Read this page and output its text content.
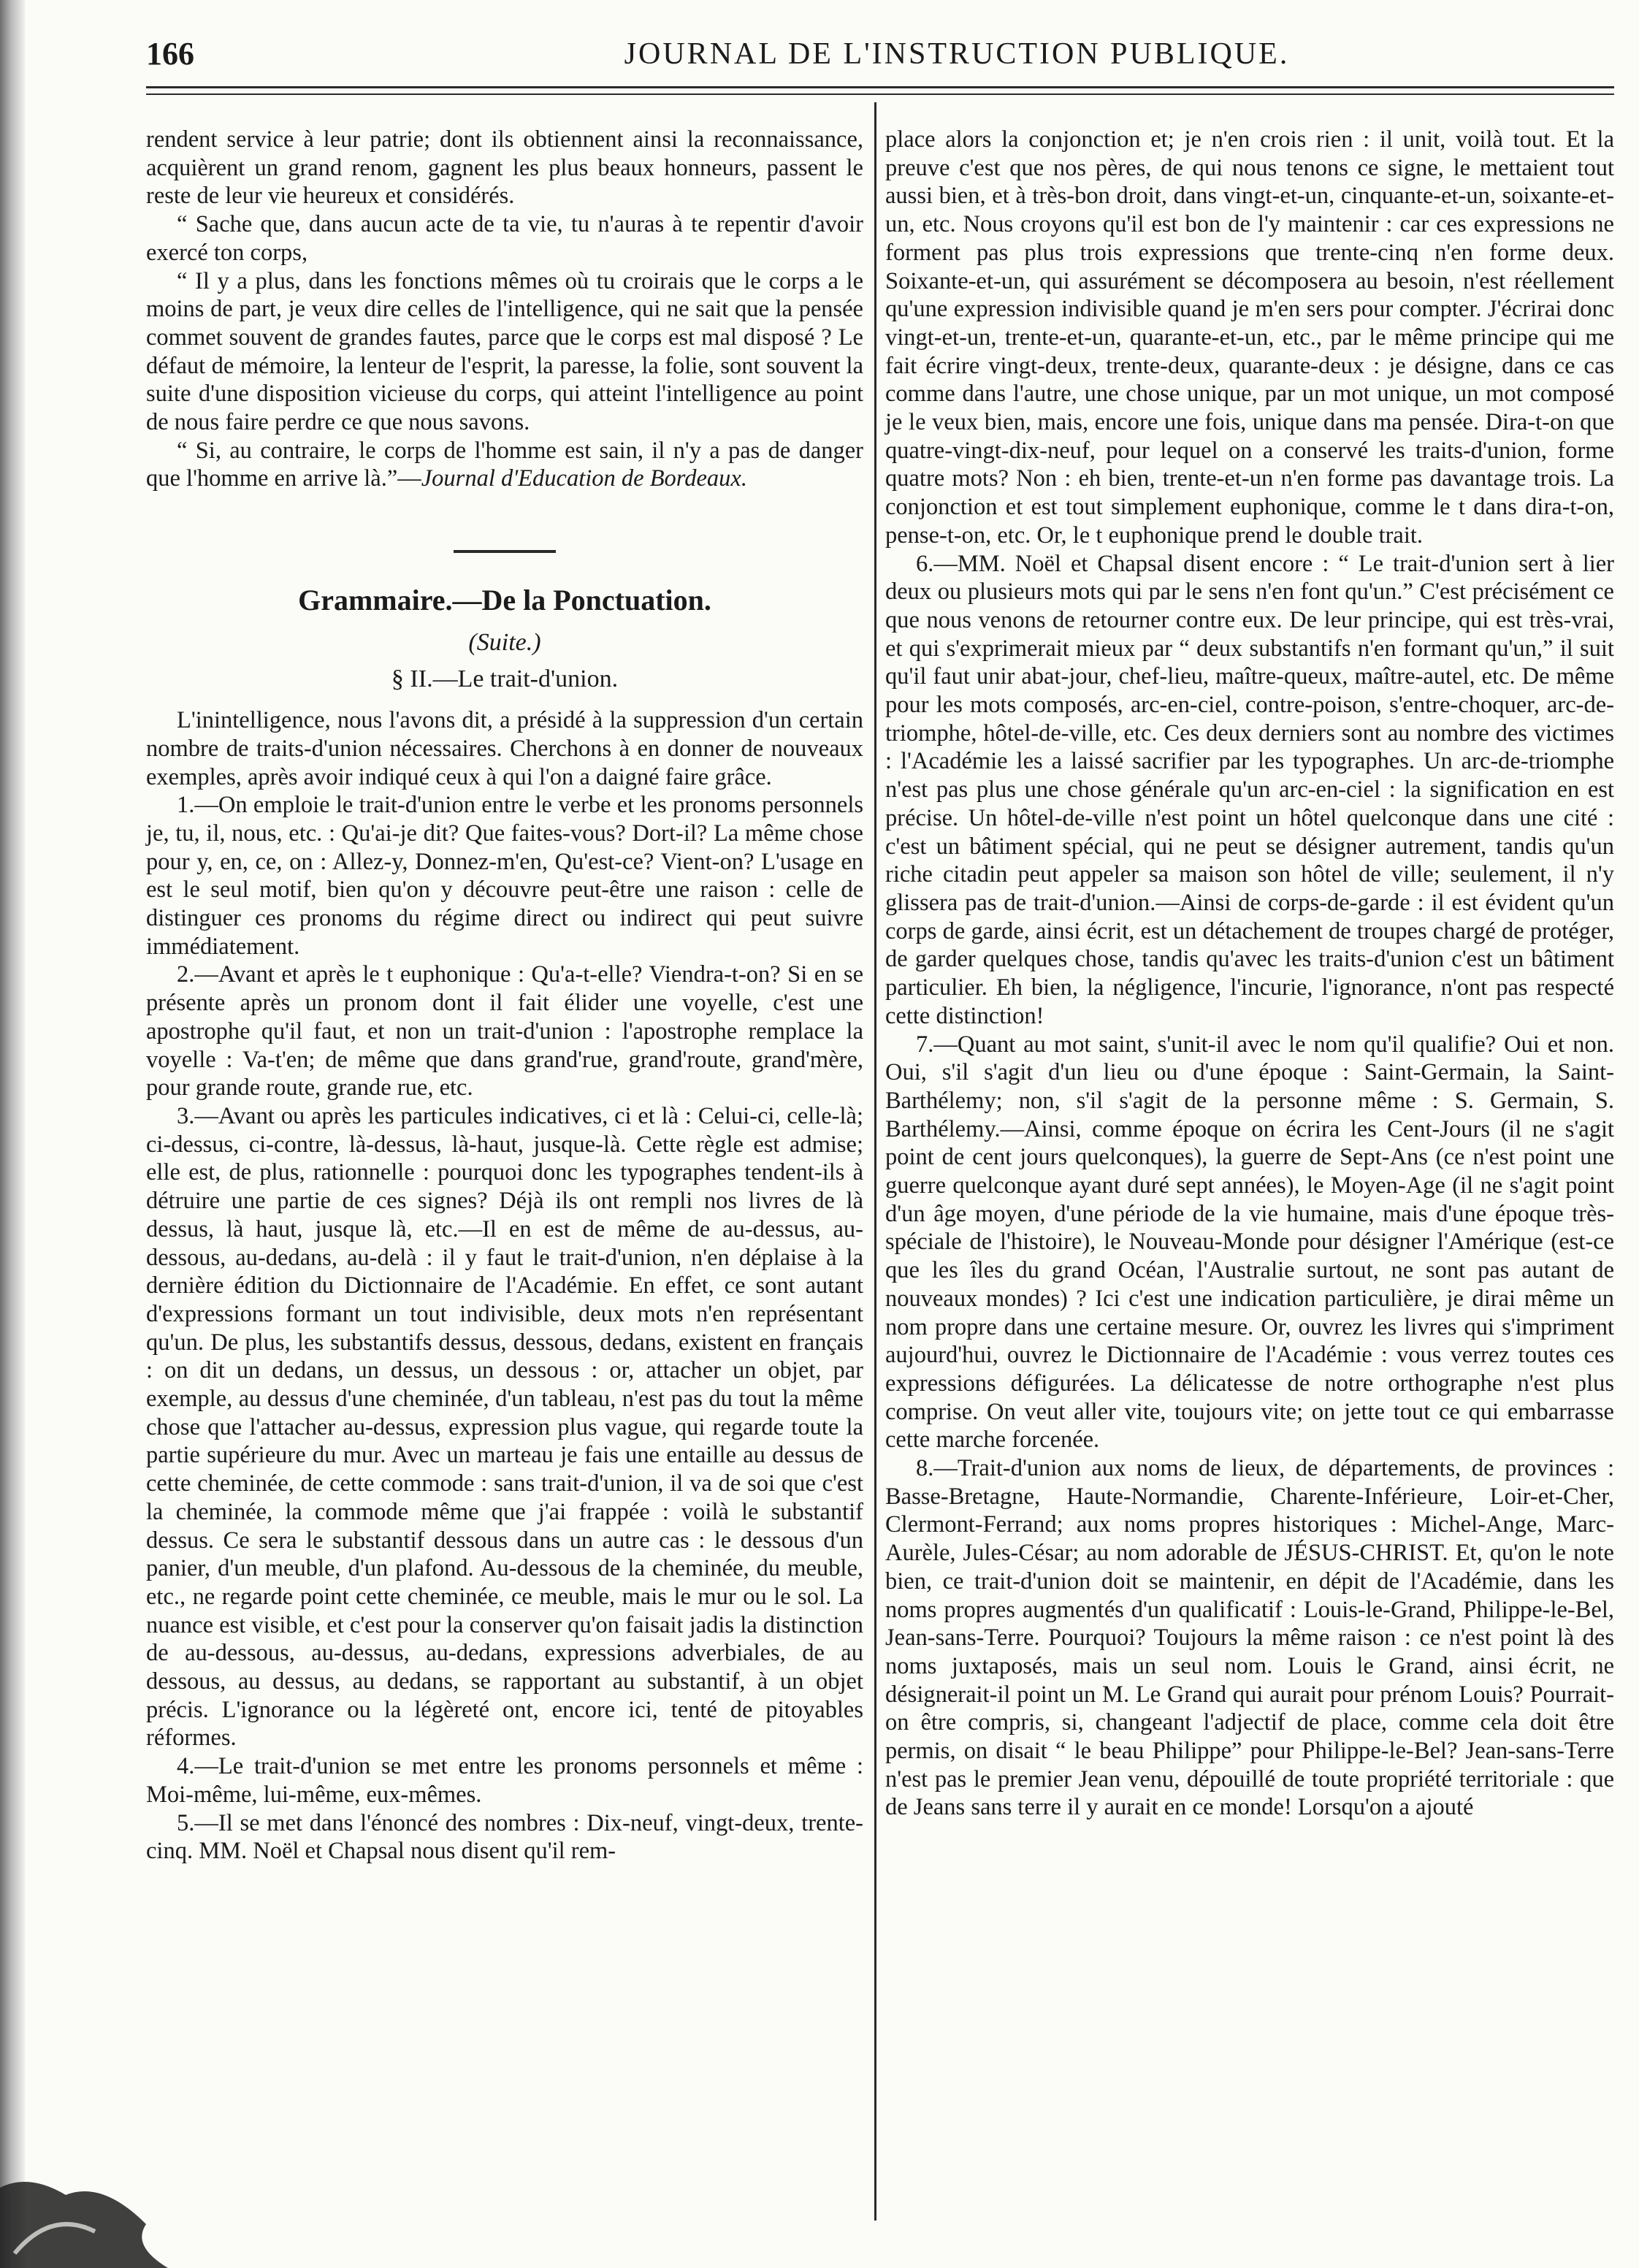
166	JOURNAL DE L'INSTRUCTION PUBLIQUE.

rendent service à leur patrie; dont ils obtiennent ainsi la reconnaissance, acquièrent un grand renom, gagnent les plus beaux honneurs, passent le reste de leur vie heureux et considérés.

“ Sache que, dans aucun acte de ta vie, tu n'auras à te repentir d'avoir exercé ton corps,

“ Il y a plus, dans les fonctions mêmes où tu croirais que le corps a le moins de part, je veux dire celles de l'intelligence, qui ne sait que la pensée commet souvent de grandes fautes, parce que le corps est mal disposé ? Le défaut de mémoire, la lenteur de l'esprit, la paresse, la folie, sont souvent la suite d'une disposition vicieuse du corps, qui atteint l'intelligence au point de nous faire perdre ce que nous savons.

“ Si, au contraire, le corps de l'homme est sain, il n'y a pas de danger que l'homme en arrive là.”—Journal d'Education de Bordeaux.

Grammaire.—De la Ponctuation.
(Suite.)
§ II.—Le trait-d'union.

L'inintelligence, nous l'avons dit, a présidé à la suppression d'un certain nombre de traits-d'union nécessaires. Cherchons à en donner de nouveaux exemples, après avoir indiqué ceux à qui l'on a daigné faire grâce.

1.—On emploie le trait-d'union entre le verbe et les pronoms personnels je, tu, il, nous, etc. : Qu'ai-je dit? Que faites-vous? Dort-il? La même chose pour y, en, ce, on : Allez-y, Donnez-m'en, Qu'est-ce? Vient-on? L'usage en est le seul motif, bien qu'on y découvre peut-être une raison : celle de distinguer ces pronoms du régime direct ou indirect qui peut suivre immédiatement.

2.—Avant et après le t euphonique : Qu'a-t-elle? Viendra-t-on? Si en se présente après un pronom dont il fait élider une voyelle, c'est une apostrophe qu'il faut, et non un trait-d'union : l'apostrophe remplace la voyelle : Va-t'en; de même que dans grand'rue, grand'route, grand'mère, pour grande route, grande rue, etc.

3.—Avant ou après les particules indicatives, ci et là : Celui-ci, celle-là; ci-dessus, ci-contre, là-dessus, là-haut, jusque-là. Cette règle est admise; elle est, de plus, rationnelle : pourquoi donc les typographes tendent-ils à détruire une partie de ces signes? Déjà ils ont rempli nos livres de là dessus, là haut, jusque là, etc.—Il en est de même de au-dessus, au-dessous, au-dedans, au-delà : il y faut le trait-d'union, n'en déplaise à la dernière édition du Dictionnaire de l'Académie. En effet, ce sont autant d'expressions formant un tout indivisible, deux mots n'en représentant qu'un. De plus, les substantifs dessus, dessous, dedans, existent en français : on dit un dedans, un dessus, un dessous : or, attacher un objet, par exemple, au dessus d'une cheminée, d'un tableau, n'est pas du tout la même chose que l'attacher au-dessus, expression plus vague, qui regarde toute la partie supérieure du mur. Avec un marteau je fais une entaille au dessus de cette cheminée, de cette commode : sans trait-d'union, il va de soi que c'est la cheminée, la commode même que j'ai frappée : voilà le substantif dessus. Ce sera le substantif dessous dans un autre cas : le dessous d'un panier, d'un meuble, d'un plafond. Au-dessous de la cheminée, du meuble, etc., ne regarde point cette cheminée, ce meuble, mais le mur ou le sol. La nuance est visible, et c'est pour la conserver qu'on faisait jadis la distinction de au-dessous, au-dessus, au-dedans, expressions adverbiales, de au dessous, au dessus, au dedans, se rapportant au substantif, à un objet précis. L'ignorance ou la légèreté ont, encore ici, tenté de pitoyables réformes.

4.—Le trait-d'union se met entre les pronoms personnels et même : Moi-même, lui-même, eux-mêmes.

5.—Il se met dans l'énoncé des nombres : Dix-neuf, vingt-deux, trente-cinq. MM. Noël et Chapsal nous disent qu'il rem-

place alors la conjonction et; je n'en crois rien : il unit, voilà tout. Et la preuve c'est que nos pères, de qui nous tenons ce signe, le mettaient tout aussi bien, et à très-bon droit, dans vingt-et-un, cinquante-et-un, soixante-et-un, etc. Nous croyons qu'il est bon de l'y maintenir : car ces expressions ne forment pas plus trois expressions que trente-cinq n'en forme deux. Soixante-et-un, qui assurément se décomposera au besoin, n'est réellement qu'une expression indivisible quand je m'en sers pour compter. J'écrirai donc vingt-et-un, trente-et-un, quarante-et-un, etc., par le même principe qui me fait écrire vingt-deux, trente-deux, quarante-deux : je désigne, dans ce cas comme dans l'autre, une chose unique, par un mot unique, un mot composé je le veux bien, mais, encore une fois, unique dans ma pensée. Dira-t-on que quatre-vingt-dix-neuf, pour lequel on a conservé les traits-d'union, forme quatre mots? Non : eh bien, trente-et-un n'en forme pas davantage trois. La conjonction et est tout simplement euphonique, comme le t dans dira-t-on, pense-t-on, etc. Or, le t euphonique prend le double trait.

6.—MM. Noël et Chapsal disent encore : “ Le trait-d'union sert à lier deux ou plusieurs mots qui par le sens n'en font qu'un.” C'est précisément ce que nous venons de retourner contre eux. De leur principe, qui est très-vrai, et qui s'exprimerait mieux par “ deux substantifs n'en formant qu'un,” il suit qu'il faut unir abat-jour, chef-lieu, maître-queux, maître-autel, etc. De même pour les mots composés, arc-en-ciel, contre-poison, s'entre-choquer, arc-de-triomphe, hôtel-de-ville, etc. Ces deux derniers sont au nombre des victimes : l'Académie les a laissé sacrifier par les typographes. Un arc-de-triomphe n'est pas plus une chose générale qu'un arc-en-ciel : la signification en est précise. Un hôtel-de-ville n'est point un hôtel quelconque dans une cité : c'est un bâtiment spécial, qui ne peut se désigner autrement, tandis qu'un riche citadin peut appeler sa maison son hôtel de ville; seulement, il n'y glissera pas de trait-d'union.—Ainsi de corps-de-garde : il est évident qu'un corps de garde, ainsi écrit, est un détachement de troupes chargé de protéger, de garder quelques chose, tandis qu'avec les traits-d'union c'est un bâtiment particulier. Eh bien, la négligence, l'incurie, l'ignorance, n'ont pas respecté cette distinction!

7.—Quant au mot saint, s'unit-il avec le nom qu'il qualifie? Oui et non. Oui, s'il s'agit d'un lieu ou d'une époque : Saint-Germain, la Saint-Barthélemy; non, s'il s'agit de la personne même : S. Germain, S. Barthélemy.—Ainsi, comme époque on écrira les Cent-Jours (il ne s'agit point de cent jours quelconques), la guerre de Sept-Ans (ce n'est point une guerre quelconque ayant duré sept années), le Moyen-Age (il ne s'agit point d'un âge moyen, d'une période de la vie humaine, mais d'une époque très-spéciale de l'histoire), le Nouveau-Monde pour désigner l'Amérique (est-ce que les îles du grand Océan, l'Australie surtout, ne sont pas autant de nouveaux mondes) ? Ici c'est une indication particulière, je dirai même un nom propre dans une certaine mesure. Or, ouvrez les livres qui s'impriment aujourd'hui, ouvrez le Dictionnaire de l'Académie : vous verrez toutes ces expressions défigurées. La délicatesse de notre orthographe n'est plus comprise. On veut aller vite, toujours vite; on jette tout ce qui embarrasse cette marche forcenée.

8.—Trait-d'union aux noms de lieux, de départements, de provinces : Basse-Bretagne, Haute-Normandie, Charente-Inférieure, Loir-et-Cher, Clermont-Ferrand; aux noms propres historiques : Michel-Ange, Marc-Aurèle, Jules-César; au nom adorable de JÉSUS-CHRIST. Et, qu'on le note bien, ce trait-d'union doit se maintenir, en dépit de l'Académie, dans les noms propres augmentés d'un qualificatif : Louis-le-Grand, Philippe-le-Bel, Jean-sans-Terre. Pourquoi? Toujours la même raison : ce n'est point là des noms juxtaposés, mais un seul nom. Louis le Grand, ainsi écrit, ne désignerait-il point un M. Le Grand qui aurait pour prénom Louis? Pourrait-on être compris, si, changeant l'adjectif de place, comme cela doit être permis, on disait “ le beau Philippe” pour Philippe-le-Bel? Jean-sans-Terre n'est pas le premier Jean venu, dépouillé de toute propriété territoriale : que de Jeans sans terre il y aurait en ce monde! Lorsqu'on a ajouté
